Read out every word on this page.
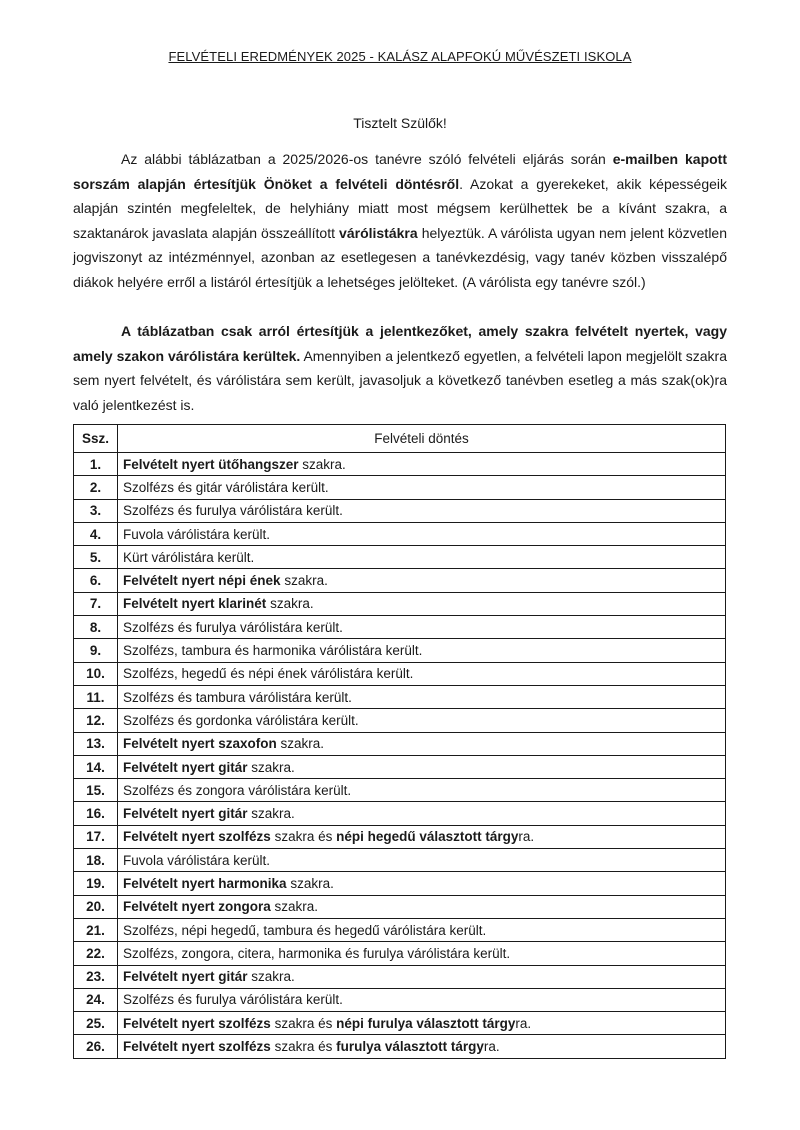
FELVÉTELI EREDMÉNYEK 2025 - KALÁSZ ALAPFOKÚ MŰVÉSZETI ISKOLA
Tisztelt Szülők!

Az alábbi táblázatban a 2025/2026-os tanévre szóló felvételi eljárás során e-mailben kapott sorszám alapján értesítjük Önöket a felvételi döntésről. Azokat a gyerekeket, akik képességeik alapján szintén megfeleltek, de helyhiány miatt most mégsem kerülhettek be a kívánt szakra, a szaktanárok javaslata alapján összeállított várólistákra helyeztük. A várólista ugyan nem jelent közvetlen jogviszonyt az intézménnyel, azonban az esetlegesen a tanévkezdésig, vagy tanév közben visszalépő diákok helyére erről a listáról értesítjük a lehetséges jelölteket. (A várólista egy tanévre szól.)

A táblázatban csak arról értesítjük a jelentkezőket, amely szakra felvételt nyertek, vagy amely szakon várólistára kerültek. Amennyiben a jelentkező egyetlen, a felvételi lapon megjelölt szakra sem nyert felvételt, és várólistára sem került, javasoljuk a következő tanévben esetleg a más szak(ok)ra való jelentkezést is.

Ssz.	Felvételi döntés
1.	Felvételt nyert ütőhangszer szakra.
2.	Szolfézs és gitár várólistára került.
3.	Szolfézs és furulya várólistára került.
4.	Fuvola várólistára került.
5.	Kürt várólistára került.
6.	Felvételt nyert népi ének szakra.
7.	Felvételt nyert klarinét szakra.
8.	Szolfézs és furulya várólistára került.
9.	Szolfézs, tambura és harmonika várólistára került.
10.	Szolfézs, hegedű és népi ének várólistára került.
11.	Szolfézs és tambura várólistára került.
12.	Szolfézs és gordonka várólistára került.
13.	Felvételt nyert szaxofon szakra.
14.	Felvételt nyert gitár szakra.
15.	Szolfézs és zongora várólistára került.
16.	Felvételt nyert gitár szakra.
17.	Felvételt nyert szolfézs szakra és népi hegedű választott tárgyra.
18.	Fuvola várólistára került.
19.	Felvételt nyert harmonika szakra.
20.	Felvételt nyert zongora szakra.
21.	Szolfézs, népi hegedű, tambura és hegedű várólistára került.
22.	Szolfézs, zongora, citera, harmonika és furulya várólistára került.
23.	Felvételt nyert gitár szakra.
24.	Szolfézs és furulya várólistára került.
25.	Felvételt nyert szolfézs szakra és népi furulya választott tárgyra.
26.	Felvételt nyert szolfézs szakra és furulya választott tárgyra.
